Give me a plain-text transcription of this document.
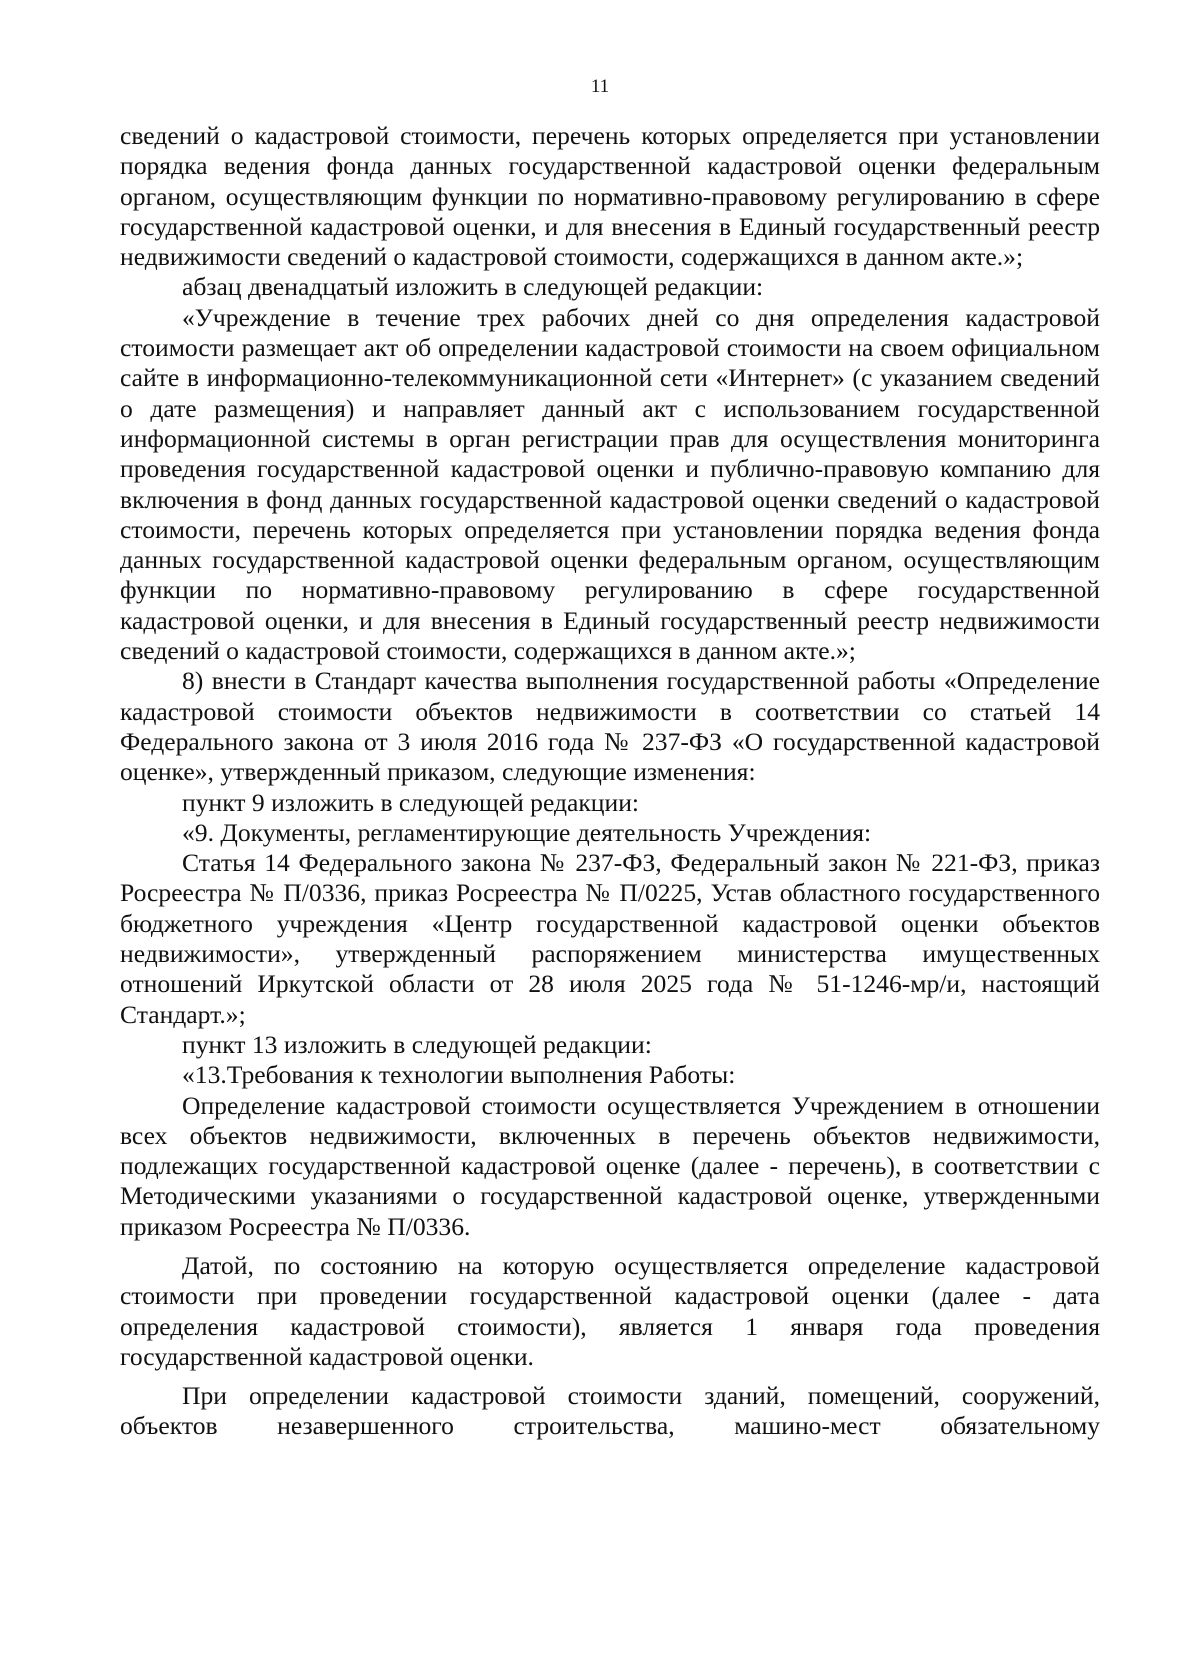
11

сведений о кадастровой стоимости, перечень которых определяется при установлении порядка ведения фонда данных государственной кадастровой оценки федеральным органом, осуществляющим функции по нормативно-правовому регулированию в сфере государственной кадастровой оценки, и для внесения в Единый государственный реестр недвижимости сведений о кадастровой стоимости, содержащихся в данном акте.»;

абзац двенадцатый изложить в следующей редакции:

«Учреждение в течение трех рабочих дней со дня определения кадастровой стоимости размещает акт об определении кадастровой стоимости на своем официальном сайте в информационно-телекоммуникационной сети «Интернет» (с указанием сведений о дате размещения) и направляет данный акт с использованием государственной информационной системы в орган регистрации прав для осуществления мониторинга проведения государственной кадастровой оценки и публично-правовую компанию для включения в фонд данных государственной кадастровой оценки сведений о кадастровой стоимости, перечень которых определяется при установлении порядка ведения фонда данных государственной кадастровой оценки федеральным органом, осуществляющим функции по нормативно-правовому регулированию в сфере государственной кадастровой оценки, и для внесения в Единый государственный реестр недвижимости сведений о кадастровой стоимости, содержащихся в данном акте.»;

8) внести в Стандарт качества выполнения государственной работы «Определение кадастровой стоимости объектов недвижимости в соответствии со статьей 14 Федерального закона от 3 июля 2016 года № 237-ФЗ «О государственной кадастровой оценке», утвержденный приказом, следующие изменения:

пункт 9 изложить в следующей редакции:

«9. Документы, регламентирующие деятельность Учреждения:

Статья 14 Федерального закона № 237-ФЗ, Федеральный закон № 221-ФЗ, приказ Росреестра № П/0336, приказ Росреестра № П/0225, Устав областного государственного бюджетного учреждения «Центр государственной кадастровой оценки объектов недвижимости», утвержденный распоряжением министерства имущественных отношений Иркутской области от 28 июля 2025 года № 51-1246-мр/и, настоящий Стандарт.»;

пункт 13 изложить в следующей редакции:

«13.Требования к технологии выполнения Работы:

Определение кадастровой стоимости осуществляется Учреждением в отношении всех объектов недвижимости, включенных в перечень объектов недвижимости, подлежащих государственной кадастровой оценке (далее - перечень), в соответствии с Методическими указаниями о государственной кадастровой оценке, утвержденными приказом Росреестра № П/0336.

Датой, по состоянию на которую осуществляется определение кадастровой стоимости при проведении государственной кадастровой оценки (далее - дата определения кадастровой стоимости), является 1 января года проведения государственной кадастровой оценки.

При определении кадастровой стоимости зданий, помещений, сооружений, объектов незавершенного строительства, машино-мест обязательному
